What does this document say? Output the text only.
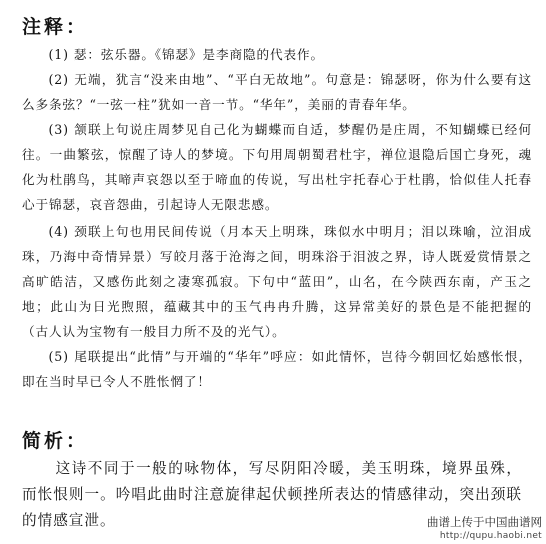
注释：
(1) 瑟：弦乐器。《锦瑟》是李商隐的代表作。
(2) 无端，犹言“没来由地”、“平白无故地”。句意是：锦瑟呀，你为什么要有这么多条弦？“一弦一柱”犹如一音一节。“华年”，美丽的青春年华。
(3) 颔联上句说庄周梦见自己化为蝴蝶而自适，梦醒仍是庄周，不知蝴蝶已经何往。一曲繁弦，惊醒了诗人的梦境。下句用周朝蜀君杜宇，禅位退隐后国亡身死，魂化为杜鹃鸟，其啼声哀怨以至于啼血的传说，写出杜宇托春心于杜鹃，恰似佳人托春心于锦瑟，哀音怨曲，引起诗人无限悲感。
(4) 颈联上句也用民间传说（月本天上明珠，珠似水中明月；泪以珠喻，泣泪成珠，乃海中奇情异景）写皎月落于沧海之间，明珠浴于泪波之界，诗人既爱赏情景之高旷皓洁，又感伤此刻之凄寒孤寂。下句中“蓝田”，山名，在今陕西东南，产玉之地；此山为日光煦照，蕴藏其中的玉气冉冉升腾，这异常美好的景色是不能把握的（古人认为宝物有一般目力所不及的光气）。
(5) 尾联提出“此情”与开端的“华年”呼应：如此情怀，岂待今朝回忆始感怅恨，即在当时早已令人不胜怅惘了！
简析：
这诗不同于一般的咏物体，写尽阴阳冷暖，美玉明珠，境界虽殊，而怅恨则一。吟唱此曲时注意旋律起伏顿挫所表达的情感律动，突出颈联的情感宣泄。	曲谱上传于中国曲谱网
http://qupu.haobi.net
